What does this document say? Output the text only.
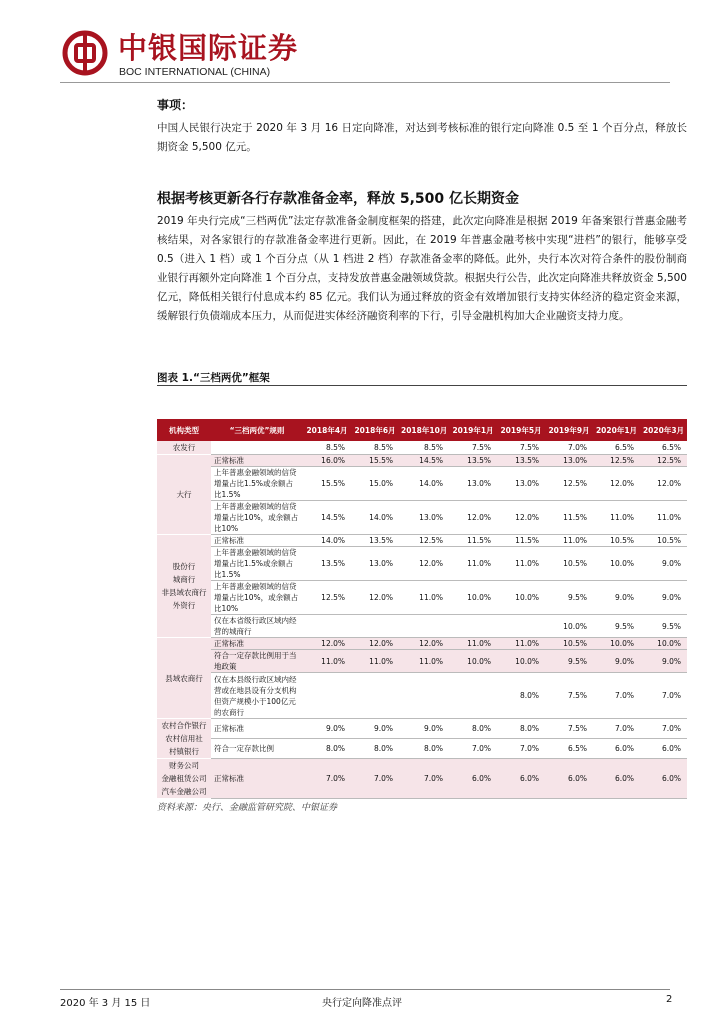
中银国际证券
BOC INTERNATIONAL (CHINA)
事项：
中国人民银行决定于 2020 年 3 月 16 日定向降准，对达到考核标准的银行定向降准 0.5 至 1 个百分点，释放长期资金 5,500 亿元。
根据考核更新各行存款准备金率，释放 5,500 亿长期资金
2019 年央行完成“三档两优”法定存款准备金制度框架的搭建，此次定向降准是根据 2019 年备案银行普惠金融考核结果，对各家银行的存款准备金率进行更新。因此，在 2019 年普惠金融考核中实现“进档”的银行，能够享受 0.5（进入 1 档）或 1 个百分点（从 1 档进 2 档）存款准备金率的降低。此外，央行本次对符合条件的股份制商业银行再额外定向降准 1 个百分点，支持发放普惠金融领域贷款。根据央行公告，此次定向降准共释放资金 5,500 亿元，降低相关银行付息成本约 85 亿元。我们认为通过释放的资金有效增加银行支持实体经济的稳定资金来源，缓解银行负债端成本压力，从而促进实体经济融资利率的下行，引导金融机构加大企业融资支持力度。
图表 1.“三档两优”框架
机构类型	“三档两优”规则	2018年4月	2018年6月	2018年10月	2019年1月	2019年5月	2019年9月	2020年1月	2020年3月
农发行		8.5%	8.5%	8.5%	7.5%	7.5%	7.0%	6.5%	6.5%
大行	正常标准	16.0%	15.5%	14.5%	13.5%	13.5%	13.0%	12.5%	12.5%
	上年普惠金融领域的信贷增量占比1.5%或余额占比1.5%	15.5%	15.0%	14.0%	13.0%	13.0%	12.5%	12.0%	12.0%
	上年普惠金融领域的信贷增量占比10%，或余额占比10%	14.5%	14.0%	13.0%	12.0%	12.0%	11.5%	11.0%	11.0%
股份行
城商行
非县域农商行
外资行	正常标准	14.0%	13.5%	12.5%	11.5%	11.5%	11.0%	10.5%	10.5%
	上年普惠金融领域的信贷增量占比1.5%或余额占比1.5%	13.5%	13.0%	12.0%	11.0%	11.0%	10.5%	10.0%	9.0%
	上年普惠金融领域的信贷增量占比10%，或余额占比10%	12.5%	12.0%	11.0%	10.0%	10.0%	9.5%	9.0%	9.0%
	仅在本省级行政区域内经营的城商行						10.0%	9.5%	9.5%
县域农商行	正常标准	12.0%	12.0%	12.0%	11.0%	11.0%	10.5%	10.0%	10.0%
	符合一定存款比例用于当地政策	11.0%	11.0%	11.0%	10.0%	10.0%	9.5%	9.0%	9.0%
	仅在本县级行政区域内经营或在地县设有分支机构但资产规模小于100亿元的农商行					8.0%	7.5%	7.0%	7.0%
农村合作银行
农村信用社
村镇银行	正常标准	9.0%	9.0%	9.0%	8.0%	8.0%	7.5%	7.0%	7.0%
	符合一定存款比例	8.0%	8.0%	8.0%	7.0%	7.0%	6.5%	6.0%	6.0%
财务公司
金融租赁公司
汽车金融公司	正常标准	7.0%	7.0%	7.0%	6.0%	6.0%	6.0%	6.0%	6.0%
资料来源：央行、金融监管研究院、中银证券
2020 年 3 月 15 日	央行定向降准点评	2
